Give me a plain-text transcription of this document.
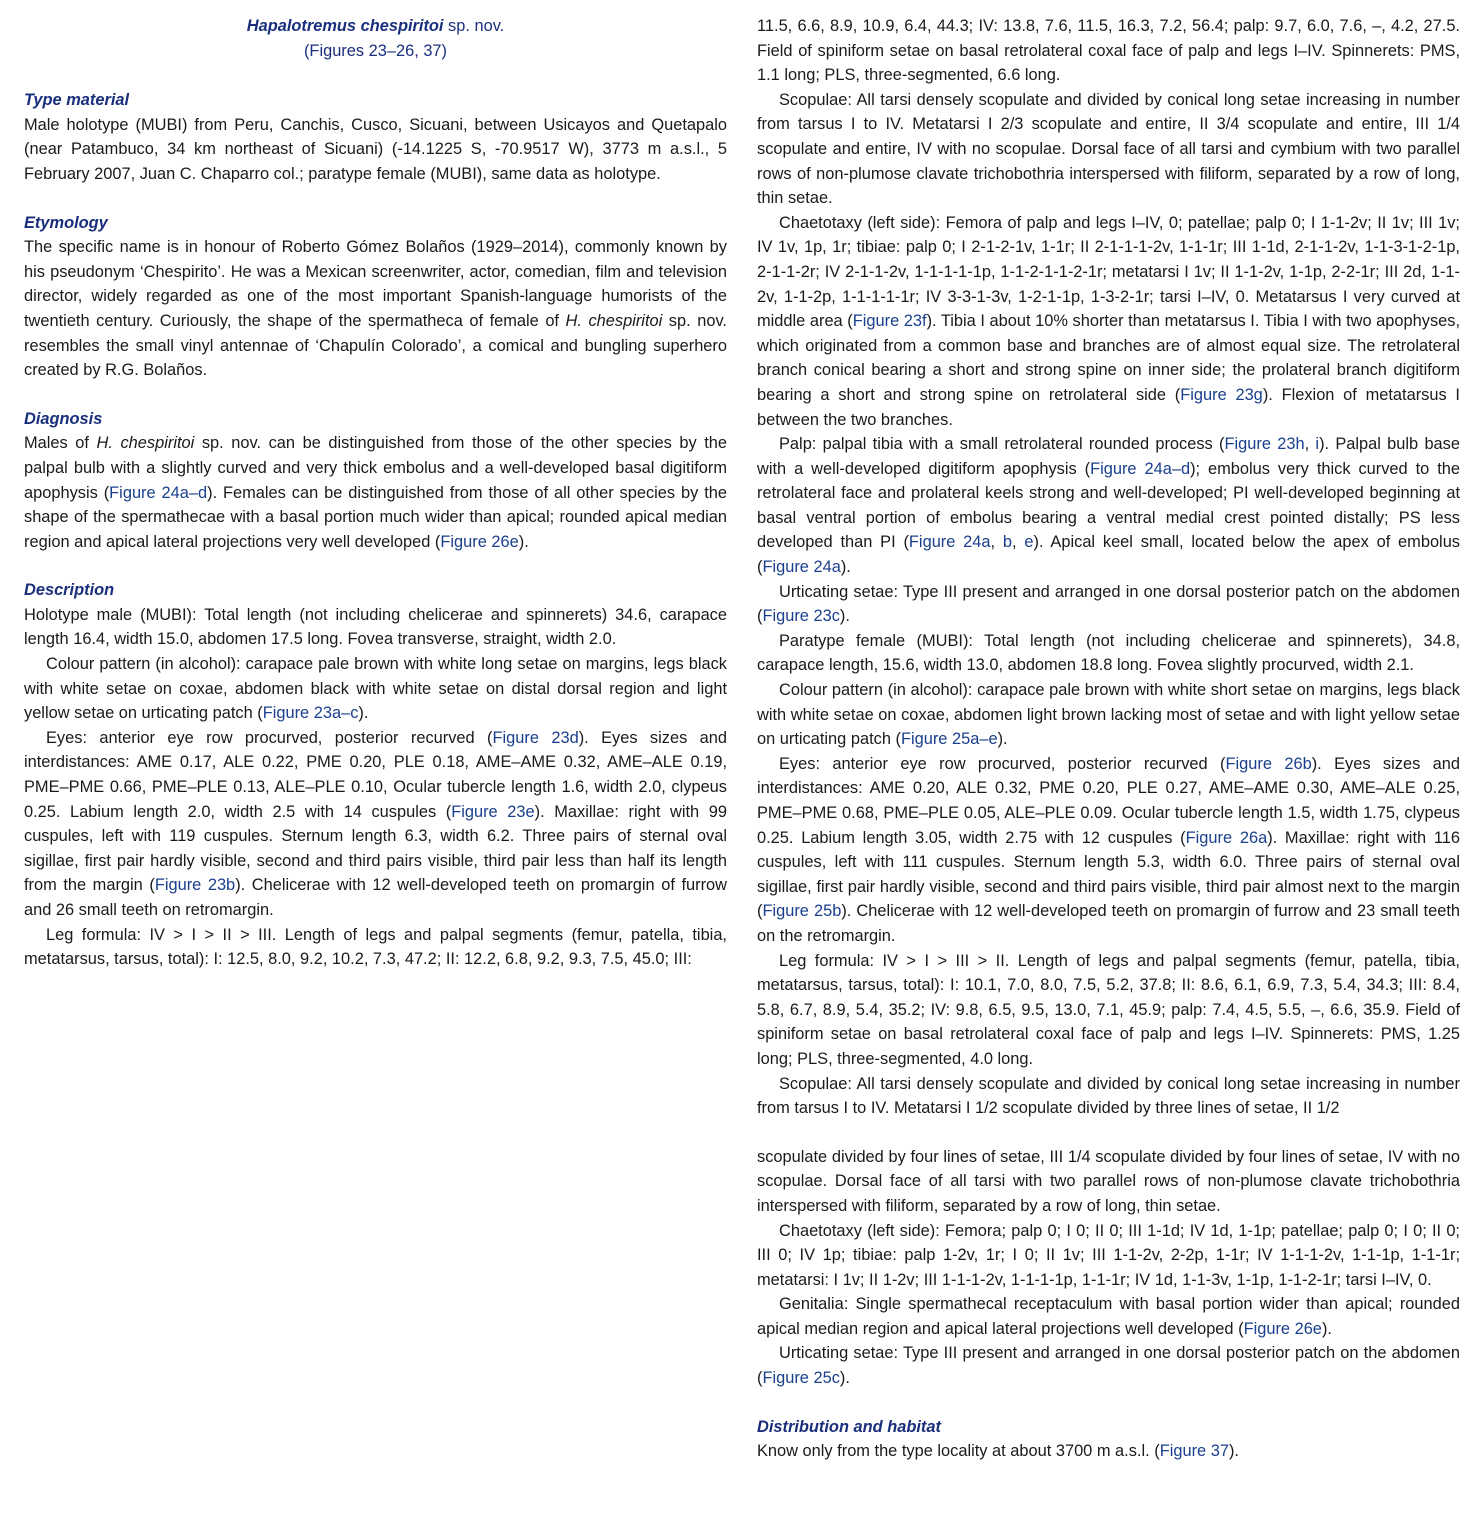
Hapalotremus chespiritoi sp. nov.

(Figures 23–26, 37)

Type material

Male holotype (MUBI) from Peru, Canchis, Cusco, Sicuani, between Usicayos and Quetapalo (near Patambuco, 34 km northeast of Sicuani) (-14.1225 S, -70.9517 W), 3773 m a.s.l., 5 February 2007, Juan C. Chaparro col.; paratype female (MUBI), same data as holotype.

Etymology

The specific name is in honour of Roberto Gómez Bolaños (1929–2014), commonly known by his pseudonym ‘Chespirito’. He was a Mexican screenwriter, actor, comedian, film and television director, widely regarded as one of the most important Spanish-language humorists of the twentieth century. Curiously, the shape of the spermatheca of female of H. chespiritoi sp. nov. resembles the small vinyl antennae of ‘Chapulín Colorado’, a comical and bungling superhero created by R.G. Bolaños.

Diagnosis

Males of H. chespiritoi sp. nov. can be distinguished from those of the other species by the palpal bulb with a slightly curved and very thick embolus and a well-developed basal digitiform apophysis (Figure 24a–d). Females can be distinguished from those of all other species by the shape of the spermathecae with a basal portion much wider than apical; rounded apical median region and apical lateral projections very well developed (Figure 26e).

Description

Holotype male (MUBI): Total length (not including chelicerae and spinnerets) 34.6, carapace length 16.4, width 15.0, abdomen 17.5 long. Fovea transverse, straight, width 2.0.

Colour pattern (in alcohol): carapace pale brown with white long setae on margins, legs black with white setae on coxae, abdomen black with white setae on distal dorsal region and light yellow setae on urticating patch (Figure 23a–c).

Eyes: anterior eye row procurved, posterior recurved (Figure 23d). Eyes sizes and interdistances: AME 0.17, ALE 0.22, PME 0.20, PLE 0.18, AME–AME 0.32, AME–ALE 0.19, PME–PME 0.66, PME–PLE 0.13, ALE–PLE 0.10, Ocular tubercle length 1.6, width 2.0, clypeus 0.25. Labium length 2.0, width 2.5 with 14 cuspules (Figure 23e). Maxillae: right with 99 cuspules, left with 119 cuspules. Sternum length 6.3, width 6.2. Three pairs of sternal oval sigillae, first pair hardly visible, second and third pairs visible, third pair less than half its length from the margin (Figure 23b). Chelicerae with 12 well-developed teeth on promargin of furrow and 26 small teeth on retromargin.

Leg formula: IV > I > II > III. Length of legs and palpal segments (femur, patella, tibia, metatarsus, tarsus, total): I: 12.5, 8.0, 9.2, 10.2, 7.3, 47.2; II: 12.2, 6.8, 9.2, 9.3, 7.5, 45.0; III:

11.5, 6.6, 8.9, 10.9, 6.4, 44.3; IV: 13.8, 7.6, 11.5, 16.3, 7.2, 56.4; palp: 9.7, 6.0, 7.6, –, 4.2, 27.5. Field of spiniform setae on basal retrolateral coxal face of palp and legs I–IV. Spinnerets: PMS, 1.1 long; PLS, three-segmented, 6.6 long.

Scopulae: All tarsi densely scopulate and divided by conical long setae increasing in number from tarsus I to IV. Metatarsi I 2/3 scopulate and entire, II 3/4 scopulate and entire, III 1/4 scopulate and entire, IV with no scopulae. Dorsal face of all tarsi and cymbium with two parallel rows of non-plumose clavate trichobothria interspersed with filiform, separated by a row of long, thin setae.

Chaetotaxy (left side): Femora of palp and legs I–IV, 0; patellae; palp 0; I 1-1-2v; II 1v; III 1v; IV 1v, 1p, 1r; tibiae: palp 0; I 2-1-2-1v, 1-1r; II 2-1-1-1-2v, 1-1-1r; III 1-1d, 2-1-1-2v, 1-1-3-1-2-1p, 2-1-1-2r; IV 2-1-1-2v, 1-1-1-1-1p, 1-1-2-1-1-2-1r; metatarsi I 1v; II 1-1-2v, 1-1p, 2-2-1r; III 2d, 1-1-2v, 1-1-2p, 1-1-1-1-1r; IV 3-3-1-3v, 1-2-1-1p, 1-3-2-1r; tarsi I–IV, 0. Metatarsus I very curved at middle area (Figure 23f). Tibia I about 10% shorter than metatarsus I. Tibia I with two apophyses, which originated from a common base and branches are of almost equal size. The retrolateral branch conical bearing a short and strong spine on inner side; the prolateral branch digitiform bearing a short and strong spine on retrolateral side (Figure 23g). Flexion of metatarsus I between the two branches.

Palp: palpal tibia with a small retrolateral rounded process (Figure 23h, i). Palpal bulb base with a well-developed digitiform apophysis (Figure 24a–d); embolus very thick curved to the retrolateral face and prolateral keels strong and well-developed; PI well-developed beginning at basal ventral portion of embolus bearing a ventral medial crest pointed distally; PS less developed than PI (Figure 24a, b, e). Apical keel small, located below the apex of embolus (Figure 24a).

Urticating setae: Type III present and arranged in one dorsal posterior patch on the abdomen (Figure 23c).

Paratype female (MUBI): Total length (not including chelicerae and spinnerets), 34.8, carapace length, 15.6, width 13.0, abdomen 18.8 long. Fovea slightly procurved, width 2.1.

Colour pattern (in alcohol): carapace pale brown with white short setae on margins, legs black with white setae on coxae, abdomen light brown lacking most of setae and with light yellow setae on urticating patch (Figure 25a–e).

Eyes: anterior eye row procurved, posterior recurved (Figure 26b). Eyes sizes and interdistances: AME 0.20, ALE 0.32, PME 0.20, PLE 0.27, AME–AME 0.30, AME–ALE 0.25, PME–PME 0.68, PME–PLE 0.05, ALE–PLE 0.09. Ocular tubercle length 1.5, width 1.75, clypeus 0.25. Labium length 3.05, width 2.75 with 12 cuspules (Figure 26a). Maxillae: right with 116 cuspules, left with 111 cuspules. Sternum length 5.3, width 6.0. Three pairs of sternal oval sigillae, first pair hardly visible, second and third pairs visible, third pair almost next to the margin (Figure 25b). Chelicerae with 12 well-developed teeth on promargin of furrow and 23 small teeth on the retromargin.

Leg formula: IV > I > III > II. Length of legs and palpal segments (femur, patella, tibia, metatarsus, tarsus, total): I: 10.1, 7.0, 8.0, 7.5, 5.2, 37.8; II: 8.6, 6.1, 6.9, 7.3, 5.4, 34.3; III: 8.4, 5.8, 6.7, 8.9, 5.4, 35.2; IV: 9.8, 6.5, 9.5, 13.0, 7.1, 45.9; palp: 7.4, 4.5, 5.5, –, 6.6, 35.9. Field of spiniform setae on basal retrolateral coxal face of palp and legs I–IV. Spinnerets: PMS, 1.25 long; PLS, three-segmented, 4.0 long.

Scopulae: All tarsi densely scopulate and divided by conical long setae increasing in number from tarsus I to IV. Metatarsi I 1/2 scopulate divided by three lines of setae, II 1/2

scopulate divided by four lines of setae, III 1/4 scopulate divided by four lines of setae, IV with no scopulae. Dorsal face of all tarsi with two parallel rows of non-plumose clavate trichobothria interspersed with filiform, separated by a row of long, thin setae.

Chaetotaxy (left side): Femora; palp 0; I 0; II 0; III 1-1d; IV 1d, 1-1p; patellae; palp 0; I 0; II 0; III 0; IV 1p; tibiae: palp 1-2v, 1r; I 0; II 1v; III 1-1-2v, 2-2p, 1-1r; IV 1-1-1-2v, 1-1-1p, 1-1-1r; metatarsi: I 1v; II 1-2v; III 1-1-1-2v, 1-1-1-1p, 1-1-1r; IV 1d, 1-1-3v, 1-1p, 1-1-2-1r; tarsi I–IV, 0.

Genitalia: Single spermathecal receptaculum with basal portion wider than apical; rounded apical median region and apical lateral projections well developed (Figure 26e).

Urticating setae: Type III present and arranged in one dorsal posterior patch on the abdomen (Figure 25c).

Distribution and habitat

Know only from the type locality at about 3700 m a.s.l. (Figure 37).
